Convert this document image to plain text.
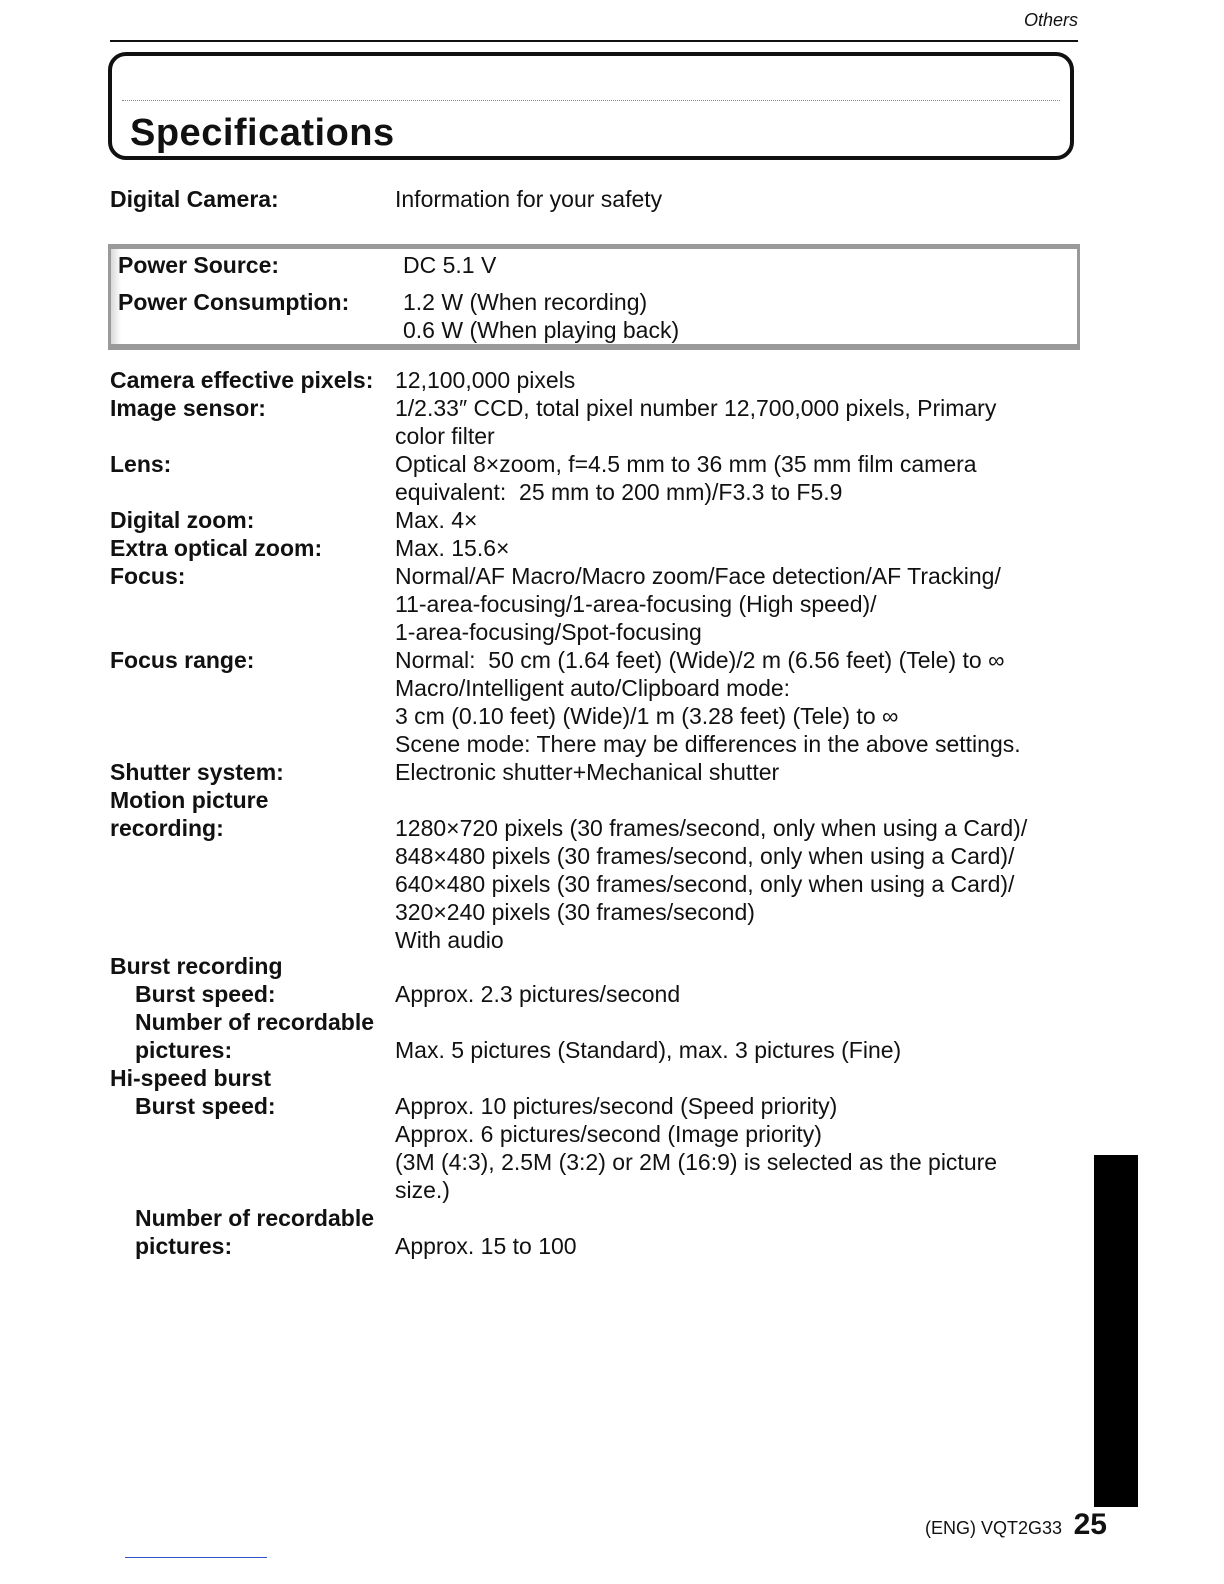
Others
Specifications
Digital Camera:	Information for your safety
Power Source:	DC 5.1 V
Power Consumption: 1.2 W (When recording)
0.6 W (When playing back)
Camera effective pixels: 12,100,000 pixels
Image sensor:	1/2.33″ CCD, total pixel number 12,700,000 pixels, Primary
color filter
Lens:	Optical 8×zoom, f=4.5 mm to 36 mm (35 mm film camera
equivalent:  25 mm to 200 mm)/F3.3 to F5.9
Digital zoom:	Max. 4×
Extra optical zoom:	Max. 15.6×
Focus:	Normal/AF Macro/Macro zoom/Face detection/AF Tracking/
11-area-focusing/1-area-focusing (High speed)/
1-area-focusing/Spot-focusing
Focus range:	Normal:  50 cm (1.64 feet) (Wide)/2 m (6.56 feet) (Tele) to ∞
Macro/Intelligent auto/Clipboard mode:
3 cm (0.10 feet) (Wide)/1 m (3.28 feet) (Tele) to ∞
Scene mode: There may be differences in the above settings.
Shutter system:	Electronic shutter+Mechanical shutter
Motion picture
recording:	1280×720 pixels (30 frames/second, only when using a Card)/
848×480 pixels (30 frames/second, only when using a Card)/
640×480 pixels (30 frames/second, only when using a Card)/
320×240 pixels (30 frames/second)
With audio
Burst recording
Burst speed:	Approx. 2.3 pictures/second
Number of recordable
pictures:	Max. 5 pictures (Standard), max. 3 pictures (Fine)
Hi-speed burst
Burst speed:	Approx. 10 pictures/second (Speed priority)
Approx. 6 pictures/second (Image priority)
(3M (4:3), 2.5M (3:2) or 2M (16:9) is selected as the picture
size.)
Number of recordable
pictures:	Approx. 15 to 100
(ENG) VQT2G33 25
